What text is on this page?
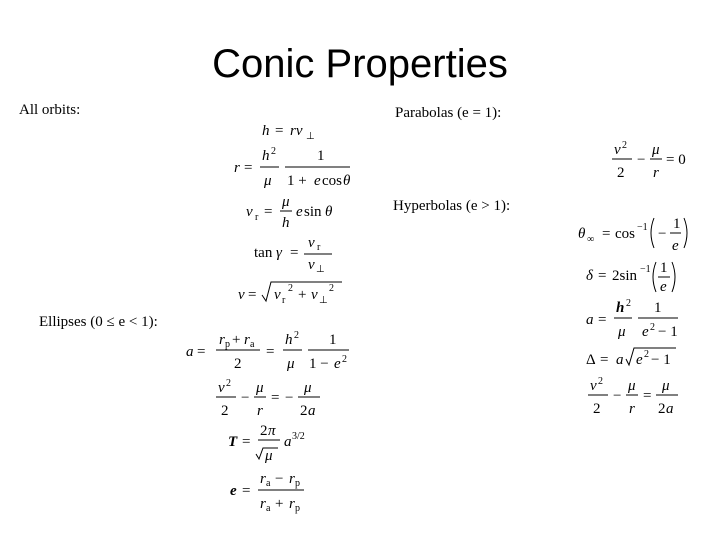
Conic Properties
All orbits:
Ellipses (0 ≤ e < 1):
Parabolas (e = 1):
Hyperbolas (e > 1):
h = rv ⊥
r =
h 2
μ
1
1 + e cos θ
v r =
μ
h
e sin θ
tan γ =
v r
v ⊥
v = v r
2 + v ⊥
2
a =
r p + r a
2
=
h 2
μ
1
1 − e 2
v 2
2
−
μ
r
= −
μ
2 a
T =
2 π
μ
a 3/2
e =
r a − r p
r a + r p
v 2
2
−
μ
r
= 0
θ ∞ = cos −1 −
1
e
δ = 2sin −1 1
e
a =
h 2
μ
1
e 2 − 1
Δ = a e 2 − 1
v 2
2
−
μ
r
=
μ
2 a
